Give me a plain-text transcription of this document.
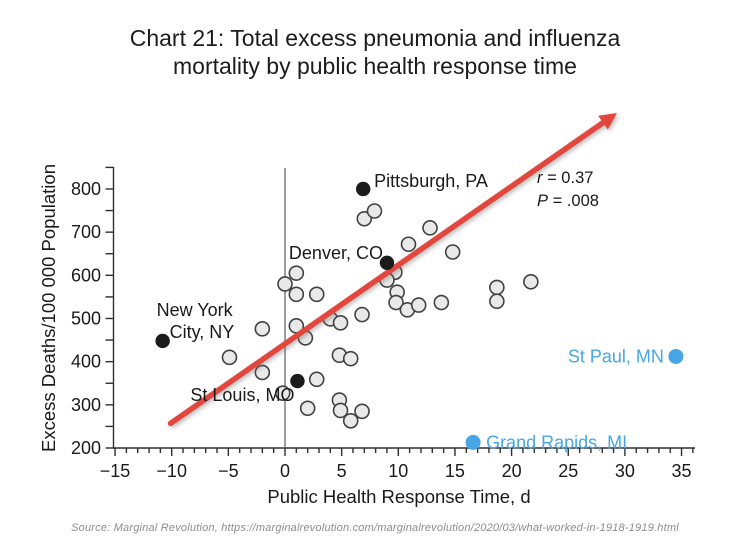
Chart 21: Total excess pneumonia and influenza
mortality by public health response time
−15 −10 −5 0	5 10 15 20 25 30 35
200
300
400
500
600
700
800
Public Health Response Time, d
Excess Deaths/100 000 Population	New York
City, NY
St Louis, MO
Denver, CO
Pittsburgh, PA
St Paul, MN
Grand Rapids, MI
r = 0.37
P = .008
Source: Marginal Revolution, https://marginalrevolution.com/marginalrevolution/2020/03/what-worked-in-1918-1919.html
